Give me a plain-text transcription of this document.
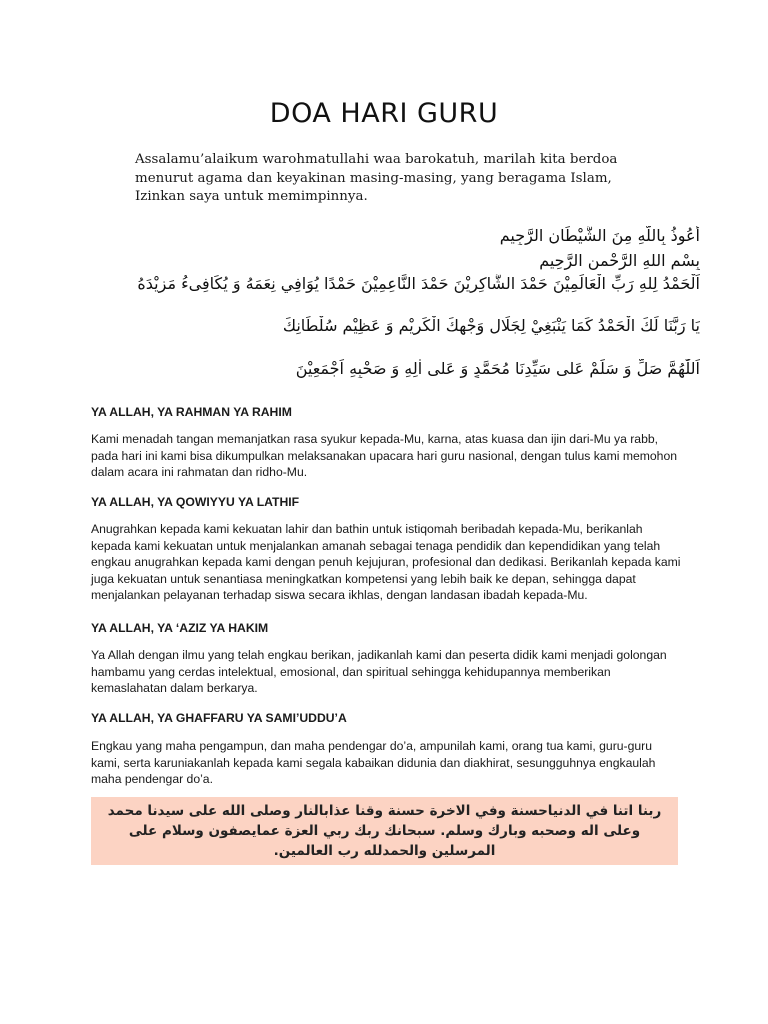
DOA HARI GURU
Assalamu’alaikum warohmatullahi waa barokatuh, marilah kita berdoa menurut agama dan keyakinan masing-masing, yang beragama Islam, Izinkan saya untuk memimpinnya.
أَعُوذُ بِاللَّهِ مِنَ الشَّيْطَانِ الرَّجِيمِ
بِسْمِ اللهِ الرَّحْمنِ الرَّحِيمِ
اَلْحَمْدُ لِلهِ رَبِّ الْعَالَمِيْنَ حَمْدَ الشَّاكِرِيْنَ حَمْدَ النَّاعِمِيْنَ حَمْدًا يُوَافِي نِعَمَهُ وَ يُكَافِىءُ مَزِيْدَهُ
يَا رَبَّنَا لَكَ الْحَمْدُ كَمَا يَنْبَغِيْ لِجَلَالِ وَجْهِكَ الْكَرِيْمِ وَ عَظِيْمِ سُلْطَانِكَ
اَللّٰهُمَّ صَلِّ وَ سَلِّمْ عَلى سَيِّدِنَا مُحَمَّدٍ وَ عَلى اٰلِهِ وَ صَحْبِهِ اَجْمَعِيْنَ
YA ALLAH, YA RAHMAN YA RAHIM
Kami menadah tangan memanjatkan rasa syukur kepada-Mu, karna, atas kuasa dan ijin dari-Mu ya rabb, pada hari ini kami bisa dikumpulkan melaksanakan upacara hari guru nasional, dengan tulus kami memohon dalam acara ini rahmatan dan ridho-Mu.
YA ALLAH, YA QOWIYYU YA LATHIF
Anugrahkan kepada kami kekuatan lahir dan bathin untuk istiqomah beribadah kepada-Mu, berikanlah kepada kami kekuatan untuk menjalankan amanah sebagai tenaga pendidik dan kependidikan yang telah engkau anugrahkan kepada kami dengan penuh kejujuran, profesional dan dedikasi. Berikanlah kepada kami juga kekuatan untuk senantiasa meningkatkan kompetensi yang lebih baik ke depan, sehingga dapat menjalankan pelayanan terhadap siswa secara ikhlas, dengan landasan ibadah kepada-Mu.
YA ALLAH, YA ‘AZIZ YA HAKIM
Ya Allah dengan ilmu yang telah engkau berikan, jadikanlah kami dan peserta didik kami menjadi golongan hambamu yang cerdas intelektual, emosional, dan spiritual sehingga kehidupannya memberikan kemaslahatan dalam berkarya.
YA ALLAH, YA GHAFFARU YA SAMI’UDDU’A
Engkau yang maha pengampun, dan maha pendengar do’a, ampunilah kami, orang tua kami, guru-guru kami, serta karuniakanlah kepada kami segala kabaikan didunia dan diakhirat, sesungguhnya engkaulah maha pendengar do’a.
ربنا اتنا في الدنياحسنة وفي الاخرة حسنة وقنا عذابالنار وصلى الله على سيدنا محمد وعلى اله وصحبه وبارك وسلم. سبحانك ربك ربي العزة عمايصفون وسلام على المرسلين والحمدلله رب العالمين.
